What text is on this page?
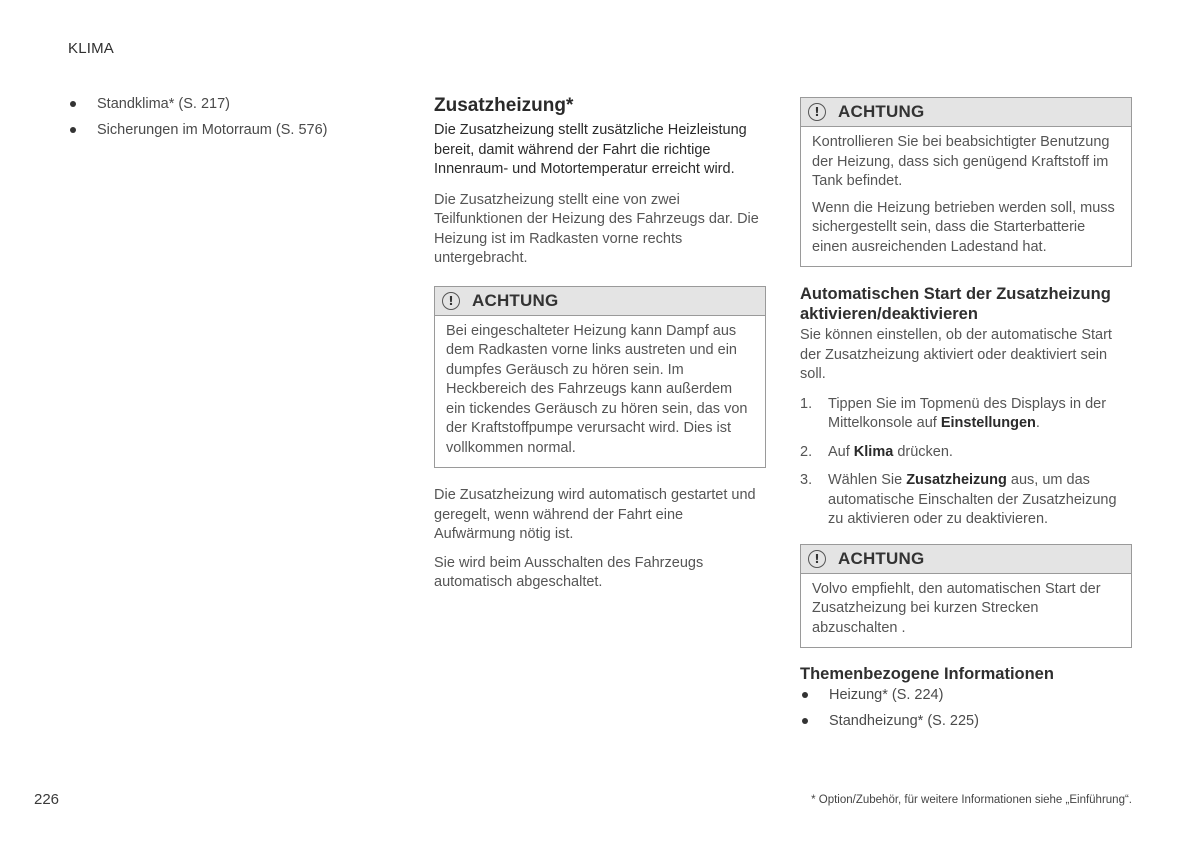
KLIMA
Standklima* (S. 217)
Sicherungen im Motorraum (S. 576)
Zusatzheizung*

Die Zusatzheizung stellt zusätzliche Heizleistung bereit, damit während der Fahrt die richtige Innenraum- und Motortemperatur erreicht wird.

Die Zusatzheizung stellt eine von zwei Teilfunktionen der Heizung des Fahrzeugs dar. Die Heizung ist im Radkasten vorne rechts untergebracht.

!	ACHTUNG

Bei eingeschalteter Heizung kann Dampf aus dem Radkasten vorne links austreten und ein dumpfes Geräusch zu hören sein. Im Heckbereich des Fahrzeugs kann außerdem ein tickendes Geräusch zu hören sein, das von der Kraftstoffpumpe verursacht wird. Dies ist vollkommen normal.

Die Zusatzheizung wird automatisch gestartet und geregelt, wenn während der Fahrt eine Aufwärmung nötig ist.

Sie wird beim Ausschalten des Fahrzeugs automatisch abgeschaltet.

!	ACHTUNG

Kontrollieren Sie bei beabsichtigter Benutzung der Heizung, dass sich genügend Kraftstoff im Tank befindet.

Wenn die Heizung betrieben werden soll, muss sichergestellt sein, dass die Starterbatterie einen ausreichenden Ladestand hat.

Automatischen Start der Zusatzheizung aktivieren/deaktivieren

Sie können einstellen, ob der automatische Start der Zusatzheizung aktiviert oder deaktiviert sein soll.

1. Tippen Sie im Topmenü des Displays in der Mittelkonsole auf Einstellungen.
2. Auf Klima drücken.
3. Wählen Sie Zusatzheizung aus, um das automatische Einschalten der Zusatzheizung zu aktivieren oder zu deaktivieren.
!	ACHTUNG

Volvo empfiehlt, den automatischen Start der Zusatzheizung bei kurzen Strecken abzuschalten .

Themenbezogene Informationen
Heizung* (S. 224)
Standheizung* (S. 225)
226	* Option/Zubehör, für weitere Informationen siehe „Einführung“.
